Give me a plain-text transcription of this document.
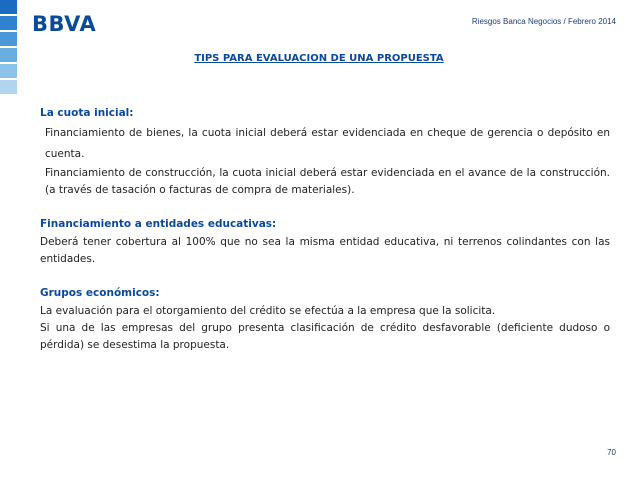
BBVA	Riesgos Banca Negocios / Febrero 2014
TIPS PARA EVALUACION DE UNA PROPUESTA
La cuota inicial:
Financiamiento de bienes, la cuota inicial deberá estar evidenciada en cheque de gerencia o depósito en cuenta.
Financiamiento de construcción, la cuota inicial deberá estar evidenciada en el avance de la construcción. (a través de tasación o facturas de compra de materiales).
Financiamiento a entidades educativas:
Deberá tener cobertura al 100% que no sea la misma entidad educativa, ni terrenos colindantes con las entidades.
Grupos económicos:
La evaluación para el otorgamiento del crédito se efectúa a la empresa que la solicita.
Si una de las empresas del grupo presenta clasificación de crédito desfavorable (deficiente dudoso o pérdida) se desestima la propuesta.
70
